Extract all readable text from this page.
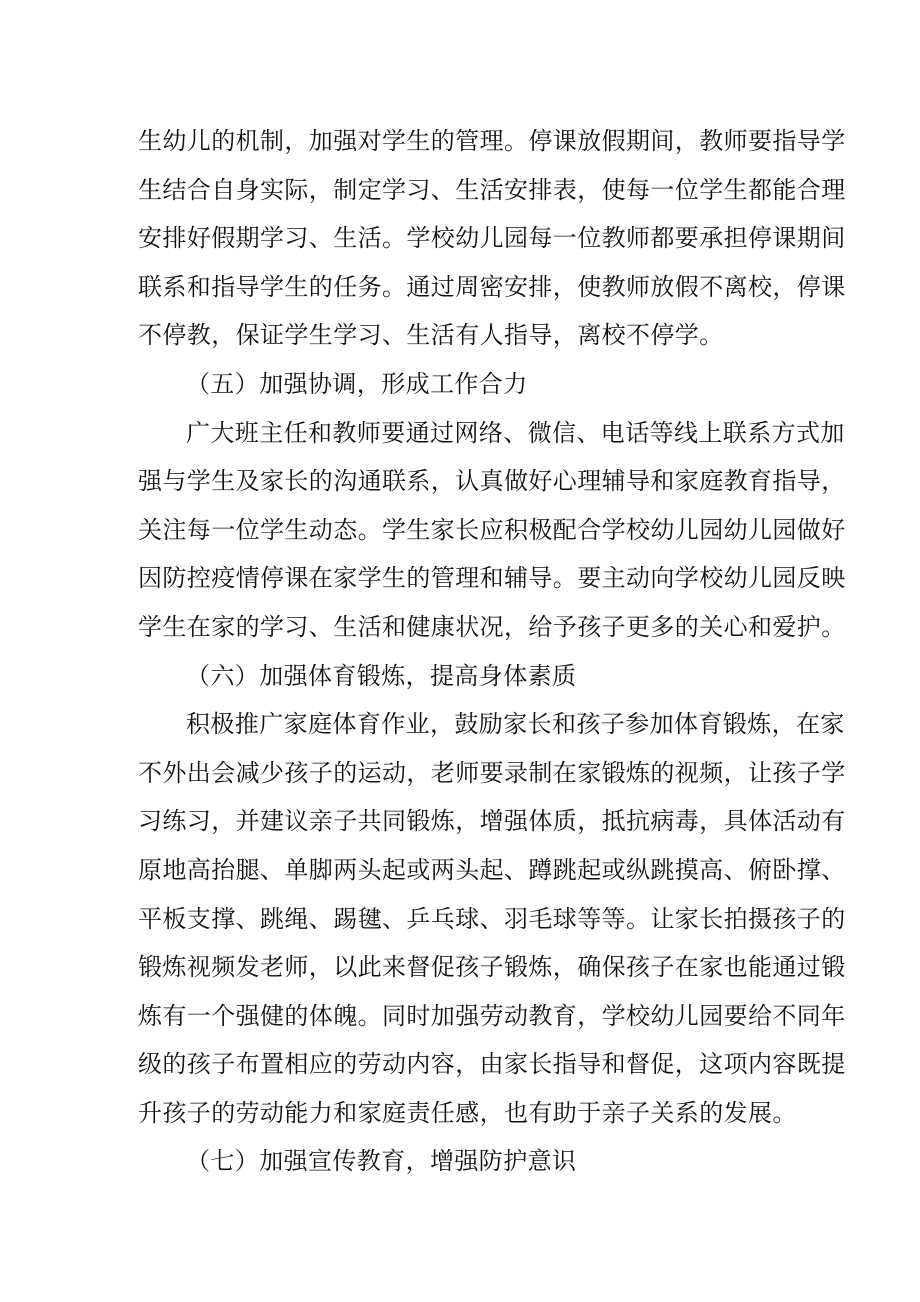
生幼儿的机制，加强对学生的管理。停课放假期间，教师要指导学
生结合自身实际，制定学习、生活安排表，使每一位学生都能合理
安排好假期学习、生活。学校幼儿园每一位教师都要承担停课期间
联系和指导学生的任务。通过周密安排，使教师放假不离校，停课
不停教，保证学生学习、生活有人指导，离校不停学。
（五）加强协调，形成工作合力
广大班主任和教师要通过网络、微信、电话等线上联系方式加
强与学生及家长的沟通联系，认真做好心理辅导和家庭教育指导，
关注每一位学生动态。学生家长应积极配合学校幼儿园幼儿园做好
因防控疫情停课在家学生的管理和辅导。要主动向学校幼儿园反映
学生在家的学习、生活和健康状况，给予孩子更多的关心和爱护。
（六）加强体育锻炼，提高身体素质
积极推广家庭体育作业，鼓励家长和孩子参加体育锻炼，在家
不外出会减少孩子的运动，老师要录制在家锻炼的视频，让孩子学
习练习，并建议亲子共同锻炼，增强体质，抵抗病毒，具体活动有
原地高抬腿、单脚两头起或两头起、蹲跳起或纵跳摸高、俯卧撑、
平板支撑、跳绳、踢毽、乒乓球、羽毛球等等。让家长拍摄孩子的
锻炼视频发老师，以此来督促孩子锻炼，确保孩子在家也能通过锻
炼有一个强健的体魄。同时加强劳动教育，学校幼儿园要给不同年
级的孩子布置相应的劳动内容，由家长指导和督促，这项内容既提
升孩子的劳动能力和家庭责任感，也有助于亲子关系的发展。
（七）加强宣传教育，增强防护意识
